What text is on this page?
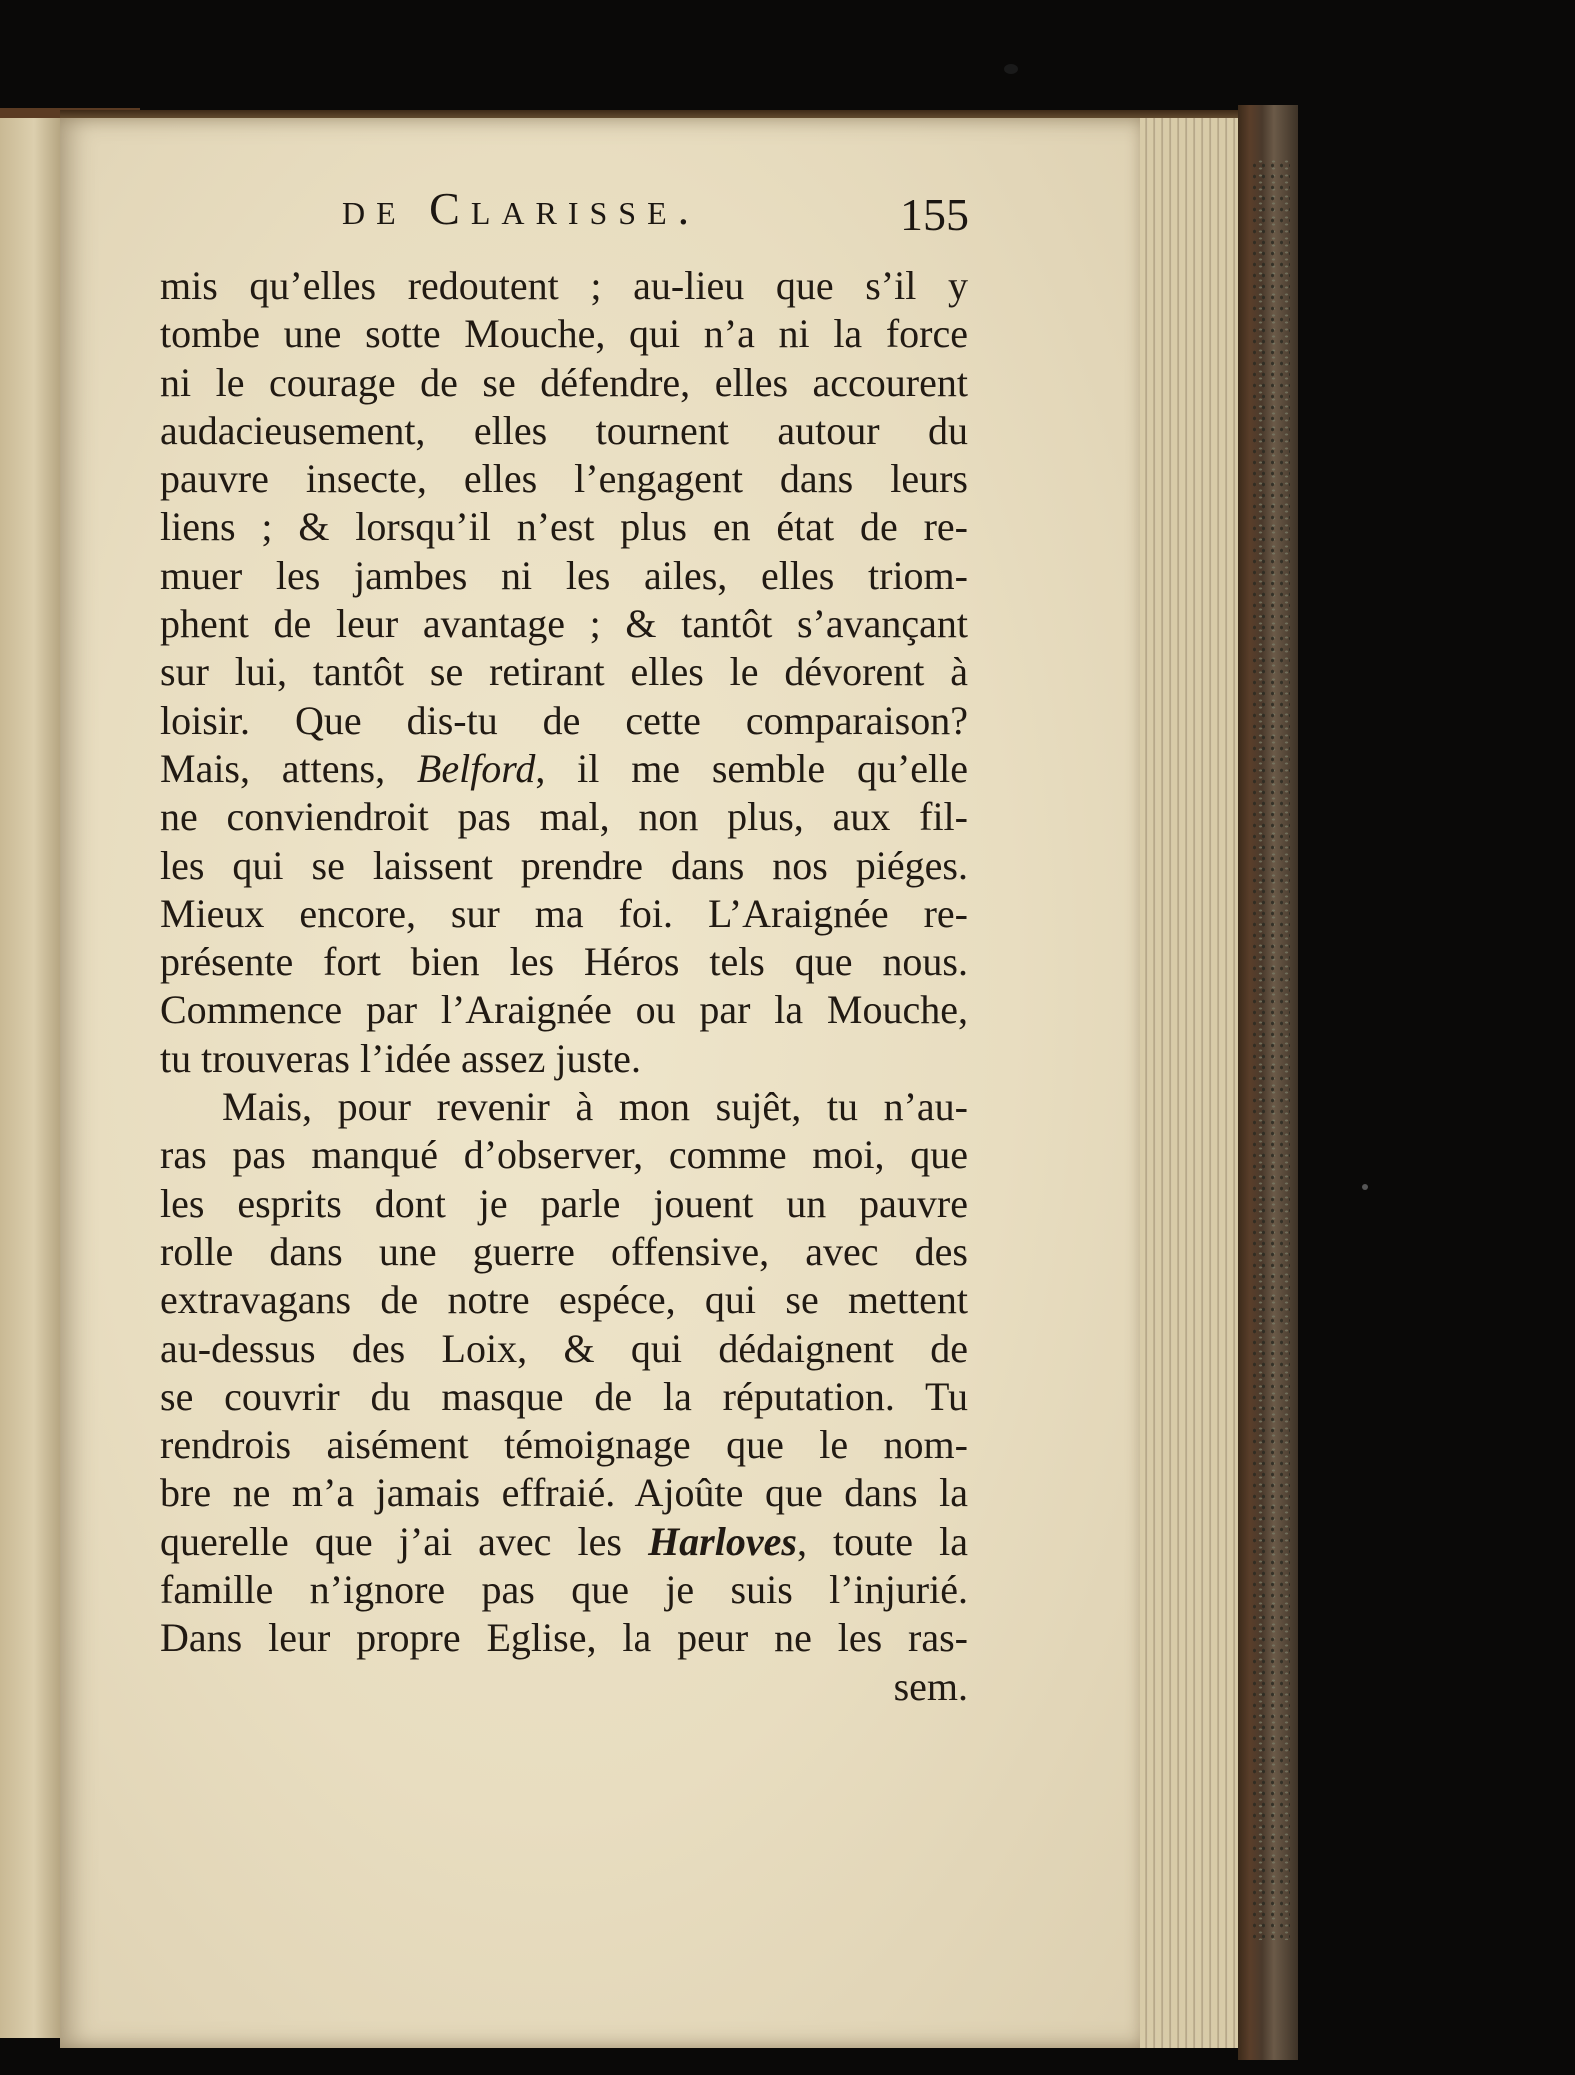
de Clarisse.	155
mis qu’elles redoutent ; au-lieu que s’il y
tombe une sotte Mouche, qui n’a ni la force
ni le courage de se défendre, elles accourent
audacieusement, elles tournent autour du
pauvre insecte, elles l’engagent dans leurs
liens ; & lorsqu’il n’est plus en état de re-
muer les jambes ni les ailes, elles triom-
phent de leur avantage ; & tantôt s’avançant
sur lui, tantôt se retirant elles le dévorent à
loisir. Que dis-tu de cette comparaison?
Mais, attens, Belford, il me semble qu’elle
ne conviendroit pas mal, non plus, aux fil-
les qui se laissent prendre dans nos piéges.
Mieux encore, sur ma foi. L’Araignée re-
présente fort bien les Héros tels que nous.
Commence par l’Araignée ou par la Mouche,
tu trouveras l’idée assez juste.
Mais, pour revenir à mon sujêt, tu n’au-
ras pas manqué d’observer, comme moi, que
les esprits dont je parle jouent un pauvre
rolle dans une guerre offensive, avec des
extravagans de notre espéce, qui se mettent
au-dessus des Loix, & qui dédaignent de
se couvrir du masque de la réputation. Tu
rendrois aisément témoignage que le nom-
bre ne m’a jamais effraié. Ajoûte que dans la
querelle que j’ai avec les Harloves, toute la
famille n’ignore pas que je suis l’injurié.
Dans leur propre Eglise, la peur ne les ras-
sem.
